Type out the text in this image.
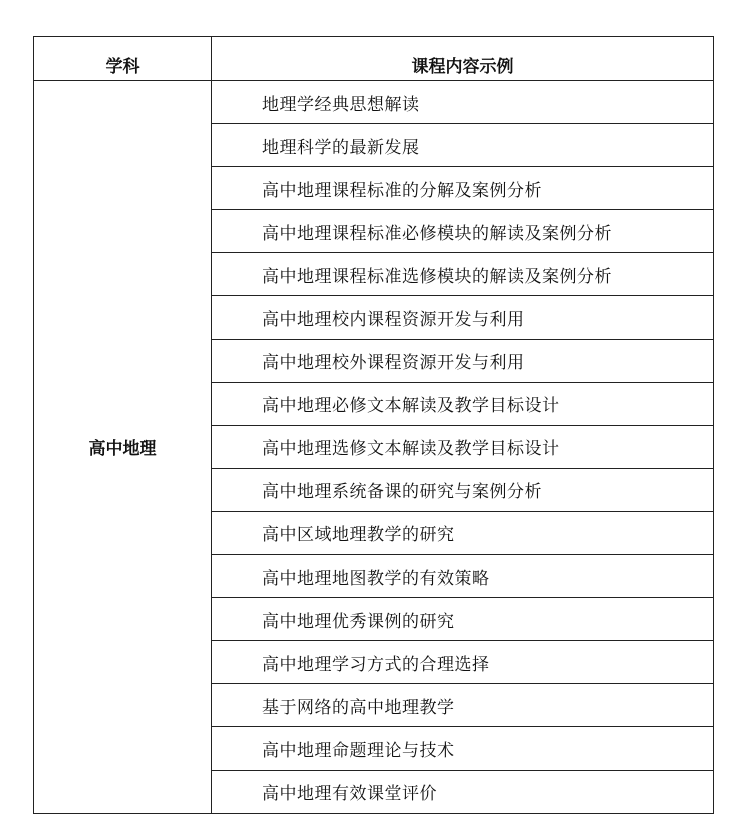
学科	课程内容示例
高中地理	地理学经典思想解读
	地理科学的最新发展
	高中地理课程标准的分解及案例分析
	高中地理课程标准必修模块的解读及案例分析
	高中地理课程标准选修模块的解读及案例分析
	高中地理校内课程资源开发与利用
	高中地理校外课程资源开发与利用
	高中地理必修文本解读及教学目标设计
	高中地理选修文本解读及教学目标设计
	高中地理系统备课的研究与案例分析
	高中区域地理教学的研究
	高中地理地图教学的有效策略
	高中地理优秀课例的研究
	高中地理学习方式的合理选择
	基于网络的高中地理教学
	高中地理命题理论与技术
	高中地理有效课堂评价
